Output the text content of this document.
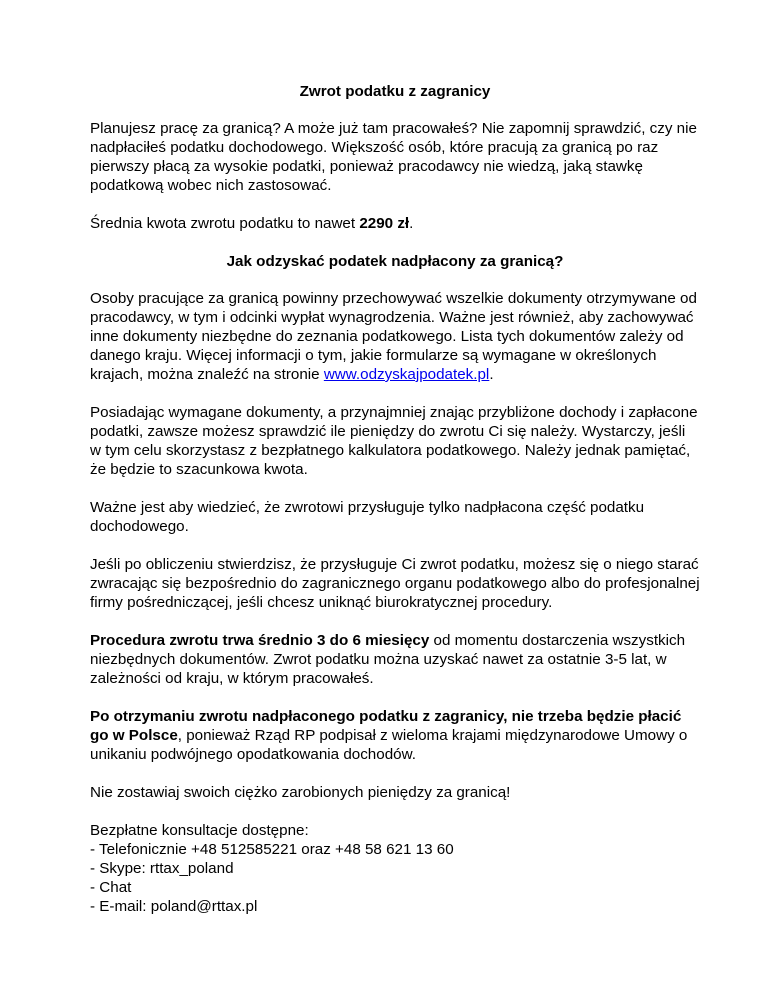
Zwrot podatku z zagranicy

Planujesz pracę za granicą? A może już tam pracowałeś? Nie zapomnij sprawdzić, czy nie nadpłaciłeś podatku dochodowego. Większość osób, które pracują za granicą po raz pierwszy płacą za wysokie podatki, ponieważ pracodawcy nie wiedzą, jaką stawkę podatkową wobec nich zastosować.

Średnia kwota zwrotu podatku to nawet 2290 zł.

Jak odzyskać podatek nadpłacony za granicą?

Osoby pracujące za granicą powinny przechowywać wszelkie dokumenty otrzymywane od pracodawcy, w tym i odcinki wypłat wynagrodzenia. Ważne jest również, aby zachowywać inne dokumenty niezbędne do zeznania podatkowego. Lista tych dokumentów zależy od danego kraju. Więcej informacji o tym, jakie formularze są wymagane w określonych krajach, można znaleźć na stronie www.odzyskajpodatek.pl.

Posiadając wymagane dokumenty, a przynajmniej znając przybliżone dochody i zapłacone podatki, zawsze możesz sprawdzić ile pieniędzy do zwrotu Ci się należy. Wystarczy, jeśli w tym celu skorzystasz z bezpłatnego kalkulatora podatkowego. Należy jednak pamiętać, że będzie to szacunkowa kwota.

Ważne jest aby wiedzieć, że zwrotowi przysługuje tylko nadpłacona część podatku dochodowego.

Jeśli po obliczeniu stwierdzisz, że przysługuje Ci zwrot podatku, możesz się o niego starać zwracając się bezpośrednio do zagranicznego organu podatkowego albo do profesjonalnej firmy pośredniczącej, jeśli chcesz uniknąć biurokratycznej procedury.

Procedura zwrotu trwa średnio 3 do 6 miesięcy od momentu dostarczenia wszystkich niezbędnych dokumentów. Zwrot podatku można uzyskać nawet za ostatnie 3-5 lat, w zależności od kraju, w którym pracowałeś.

Po otrzymaniu zwrotu nadpłaconego podatku z zagranicy, nie trzeba będzie płacić go w Polsce, ponieważ Rząd RP podpisał z wieloma krajami międzynarodowe Umowy o unikaniu podwójnego opodatkowania dochodów.

Nie zostawiaj swoich ciężko zarobionych pieniędzy za granicą!

Bezpłatne konsultacje dostępne:
- Telefonicznie +48 512585221 oraz +48 58 621 13 60
- Skype: rttax_poland
- Chat
- E-mail: poland@rttax.pl
